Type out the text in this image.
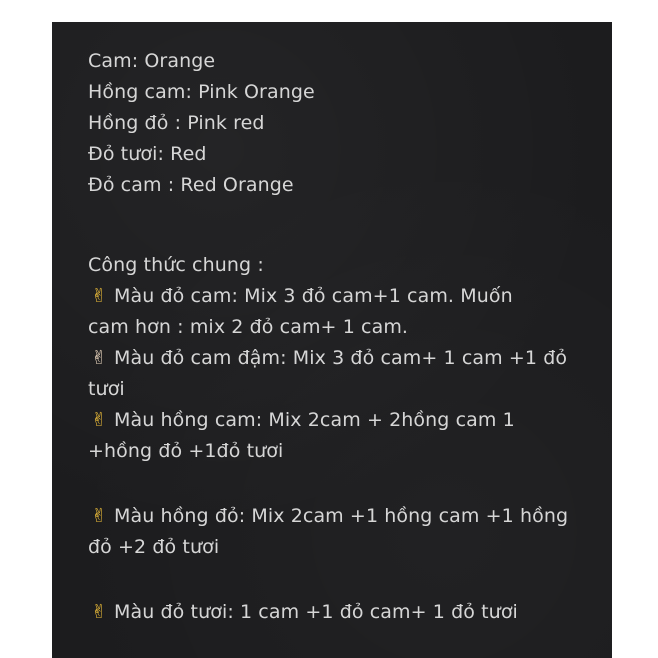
Cam: Orange
Hồng cam: Pink Orange
Hồng đỏ : Pink red
Đỏ tươi: Red
Đỏ cam : Red Orange
Công thức chung :
✌ Màu đỏ cam: Mix 3 đỏ cam+1 cam. Muốn
cam hơn : mix 2 đỏ cam+ 1 cam.
✌ Màu đỏ cam đậm: Mix 3 đỏ cam+ 1 cam +1 đỏ
tươi
✌ Màu hồng cam: Mix 2cam + 2hồng cam 1
+hồng đỏ +1đỏ tươi
✌ Màu hồng đỏ: Mix 2cam +1 hồng cam +1 hồng
đỏ +2 đỏ tươi
✌ Màu đỏ tươi: 1 cam +1 đỏ cam+ 1 đỏ tươi
